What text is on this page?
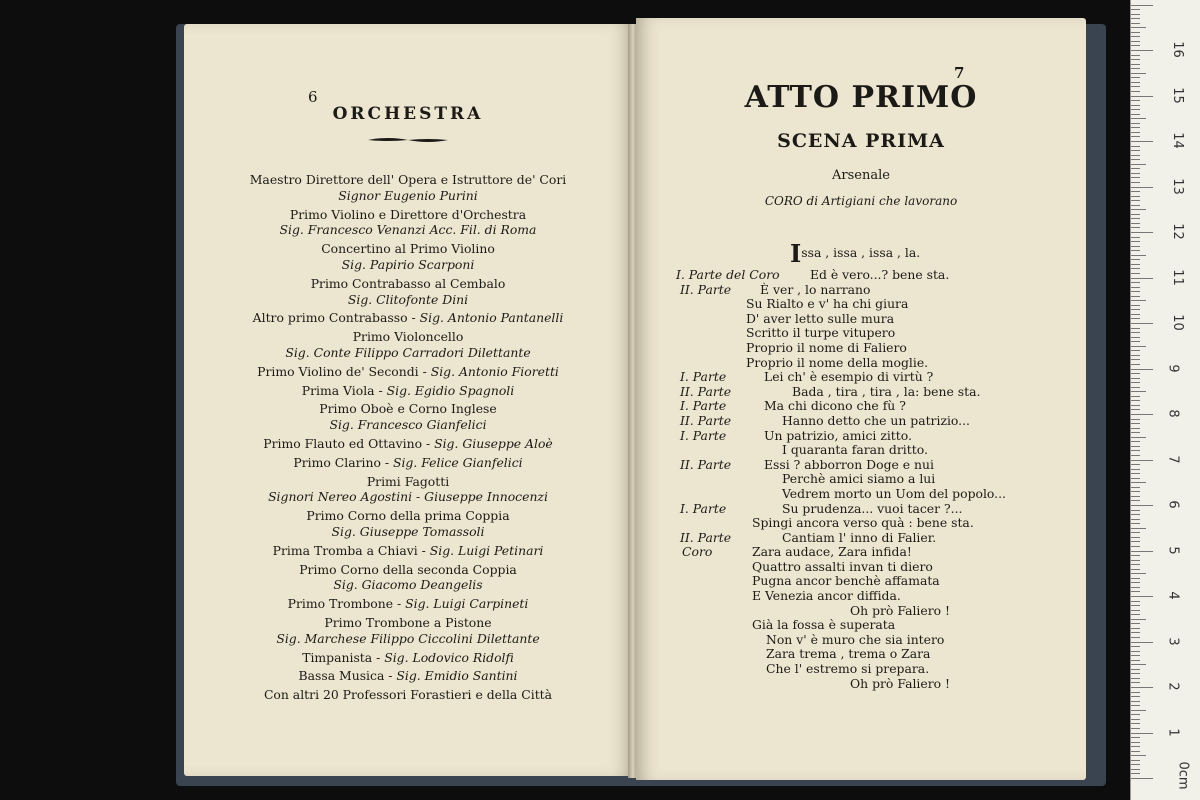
6
ORCHESTRA
Maestro Direttore dell' Opera e Istruttore de' Cori
Signor Eugenio Purini
Primo Violino e Direttore d'Orchestra
Sig. Francesco Venanzi Acc. Fil. di Roma
Concertino al Primo Violino
Sig. Papirio Scarponi
Primo Contrabasso al Cembalo
Sig. Clitofonte Dini
Altro primo Contrabasso - Sig. Antonio Pantanelli
Primo Violoncello
Sig. Conte Filippo Carradori Dilettante
Primo Violino de' Secondi - Sig. Antonio Fioretti
Prima Viola - Sig. Egidio Spagnoli
Primo Oboè e Corno Inglese
Sig. Francesco Gianfelici
Primo Flauto ed Ottavino - Sig. Giuseppe Aloè
Primo Clarino - Sig. Felice Gianfelici
Primi Fagotti
Signori Nereo Agostini - Giuseppe Innocenzi
Primo Corno della prima Coppia
Sig. Giuseppe Tomassoli
Prima Tromba a Chiavi - Sig. Luigi Petinari
Primo Corno della seconda Coppia
Sig. Giacomo Deangelis
Primo Trombone - Sig. Luigi Carpineti
Primo Trombone a Pistone
Sig. Marchese Filippo Ciccolini Dilettante
Timpanista - Sig. Lodovico Ridolfi
Bassa Musica - Sig. Emidio Santini
Con altri 20 Professori Forastieri e della Città
7
ATTO PRIMO
SCENA PRIMA
Arsenale
CORO di Artigiani che lavorano
Issa , issa , issa , la.
I. Parte del Coro Ed è vero...? bene sta.
II. Parte È ver , lo narrano
Su Rialto e v' ha chi giura
D' aver letto sulle mura
Scritto il turpe vitupero
Proprio il nome di Faliero
Proprio il nome della moglie.
I. Parte	Lei ch' è esempio di virtù ?
II. Parte	Bada , tira , tira , la: bene sta.
I. Parte	Ma chi dicono che fù ?
II. Parte	Hanno detto che un patrizio...
I. Parte	Un patrizio, amici zitto.
I quaranta faran dritto.
II. Parte	Essi ? abborron Doge e nui
Perchè amici siamo a lui
Vedrem morto un Uom del popolo...
I. Parte	Su prudenza... vuoi tacer ?...
Spingi ancora verso quà : bene sta.
II. Parte	Cantiam l' inno di Falier.
Coro	Zara audace, Zara infida!
Quattro assalti invan ti diero
Pugna ancor benchè affamata
E Venezia ancor diffida.
Oh prò Faliero !
Già la fossa è superata
Non v' è muro che sia intero
Zara trema , trema o Zara
Che l' estremo si prepara.
Oh prò Faliero !
0cm
1
2
3
4
5
6
7
8
9
10
11
12
13
14
15
16
